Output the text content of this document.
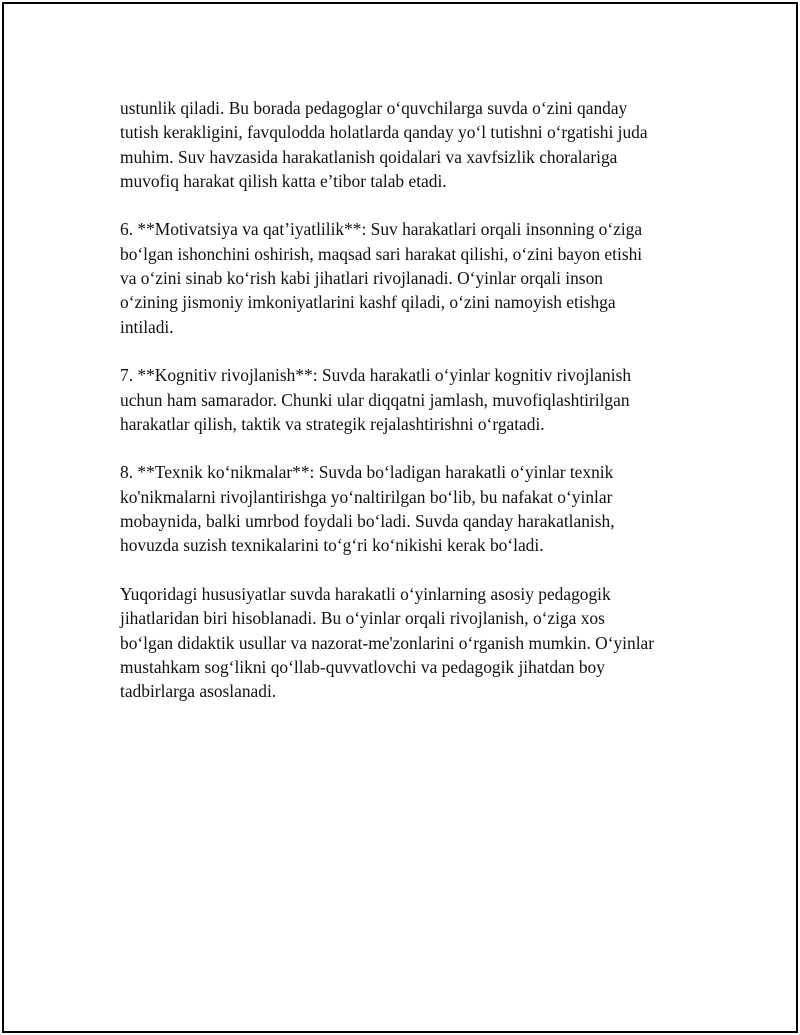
ustunlik qiladi. Bu borada pedagoglar o‘quvchilarga suvda o‘zini qanday
tutish kerakligini, favqulodda holatlarda qanday yo‘l tutishni o‘rgatishi juda
muhim. Suv havzasida harakatlanish qoidalari va xavfsizlik choralariga
muvofiq harakat qilish katta e’tibor talab etadi.

6. **Motivatsiya va qat’iyatlilik**: Suv harakatlari orqali insonning o‘ziga
bo‘lgan ishonchini oshirish, maqsad sari harakat qilishi, o‘zini bayon etishi
va o‘zini sinab ko‘rish kabi jihatlari rivojlanadi. O‘yinlar orqali inson
o‘zining jismoniy imkoniyatlarini kashf qiladi, o‘zini namoyish etishga
intiladi.

7. **Kognitiv rivojlanish**: Suvda harakatli o‘yinlar kognitiv rivojlanish
uchun ham samarador. Chunki ular diqqatni jamlash, muvofiqlashtirilgan
harakatlar qilish, taktik va strategik rejalashtirishni o‘rgatadi.

8. **Texnik ko‘nikmalar**: Suvda bo‘ladigan harakatli o‘yinlar texnik
ko'nikmalarni rivojlantirishga yo‘naltirilgan bo‘lib, bu nafakat o‘yinlar
mobaynida, balki umrbod foydali bo‘ladi. Suvda qanday harakatlanish,
hovuzda suzish texnikalarini to‘g‘ri ko‘nikishi kerak bo‘ladi.

Yuqoridagi hususiyatlar suvda harakatli o‘yinlarning asosiy pedagogik
jihatlaridan biri hisoblanadi. Bu o‘yinlar orqali rivojlanish, o‘ziga xos
bo‘lgan didaktik usullar va nazorat-me'zonlarini o‘rganish mumkin. O‘yinlar
mustahkam sog‘likni qo‘llab-quvvatlovchi va pedagogik jihatdan boy
tadbirlarga asoslanadi.
